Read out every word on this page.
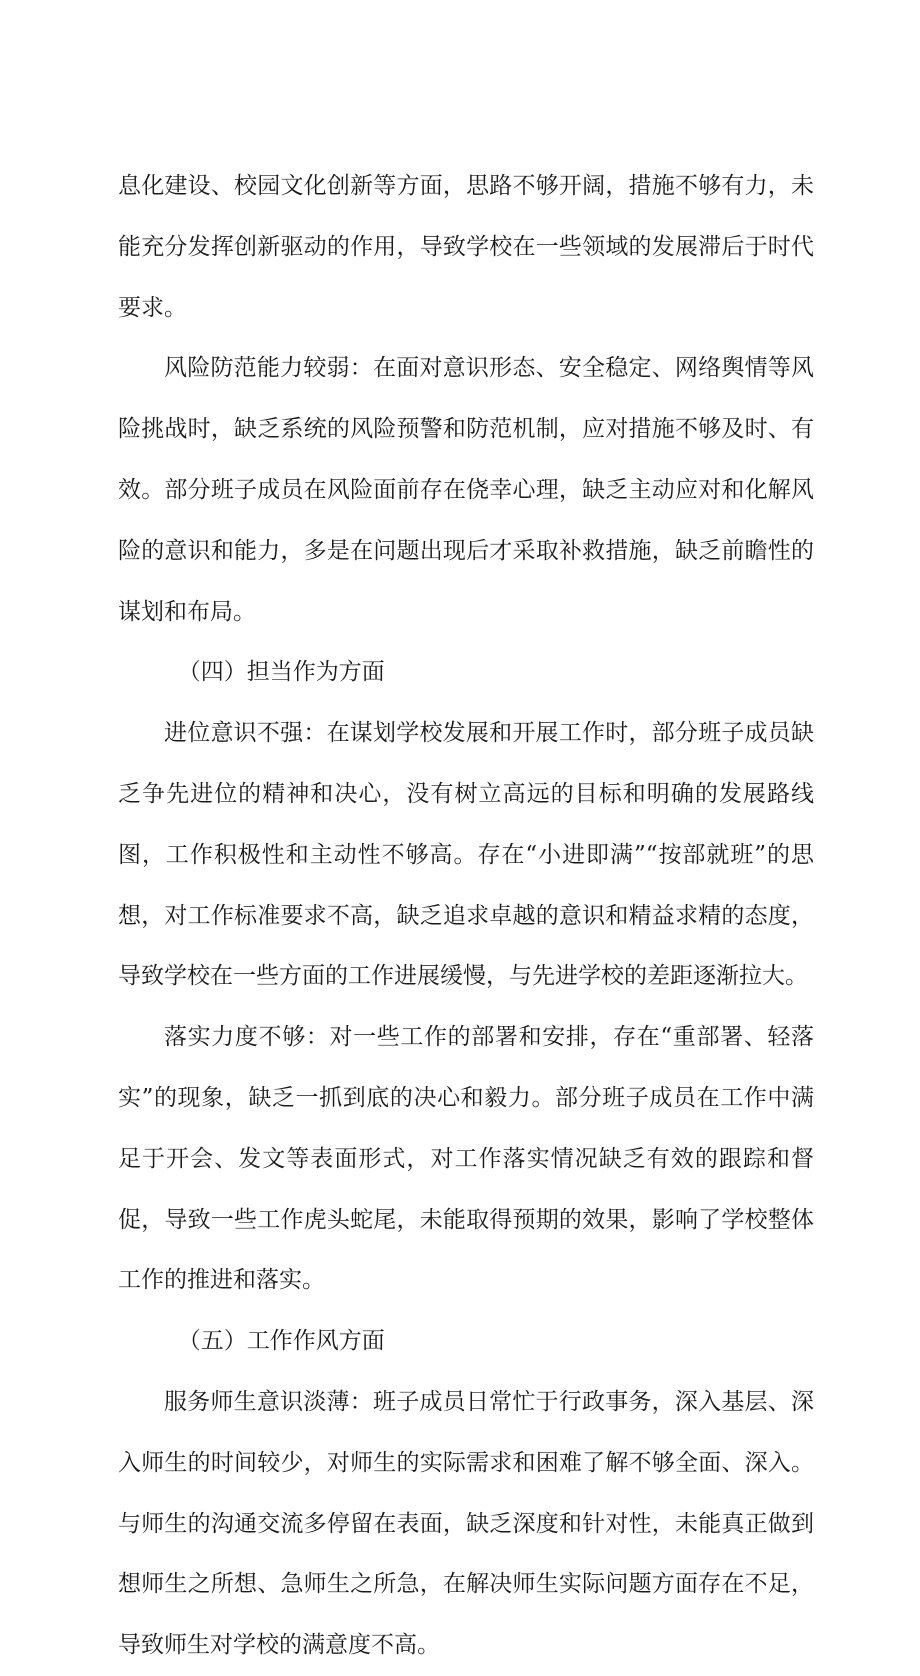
息化建设、校园文化创新等方面，思路不够开阔，措施不够有力，未能充分发挥创新驱动的作用，导致学校在一些领域的发展滞后于时代要求。

风险防范能力较弱：在面对意识形态、安全稳定、网络舆情等风险挑战时，缺乏系统的风险预警和防范机制，应对措施不够及时、有效。部分班子成员在风险面前存在侥幸心理，缺乏主动应对和化解风险的意识和能力，多是在问题出现后才采取补救措施，缺乏前瞻性的谋划和布局。

（四）担当作为方面

进位意识不强：在谋划学校发展和开展工作时，部分班子成员缺乏争先进位的精神和决心，没有树立高远的目标和明确的发展路线图，工作积极性和主动性不够高。存在“小进即满”“按部就班”的思想，对工作标准要求不高，缺乏追求卓越的意识和精益求精的态度，导致学校在一些方面的工作进展缓慢，与先进学校的差距逐渐拉大。

落实力度不够：对一些工作的部署和安排，存在“重部署、轻落实”的现象，缺乏一抓到底的决心和毅力。部分班子成员在工作中满足于开会、发文等表面形式，对工作落实情况缺乏有效的跟踪和督促，导致一些工作虎头蛇尾，未能取得预期的效果，影响了学校整体工作的推进和落实。

（五）工作作风方面

服务师生意识淡薄：班子成员日常忙于行政事务，深入基层、深入师生的时间较少，对师生的实际需求和困难了解不够全面、深入。与师生的沟通交流多停留在表面，缺乏深度和针对性，未能真正做到想师生之所想、急师生之所急，在解决师生实际问题方面存在不足，导致师生对学校的满意度不高。
